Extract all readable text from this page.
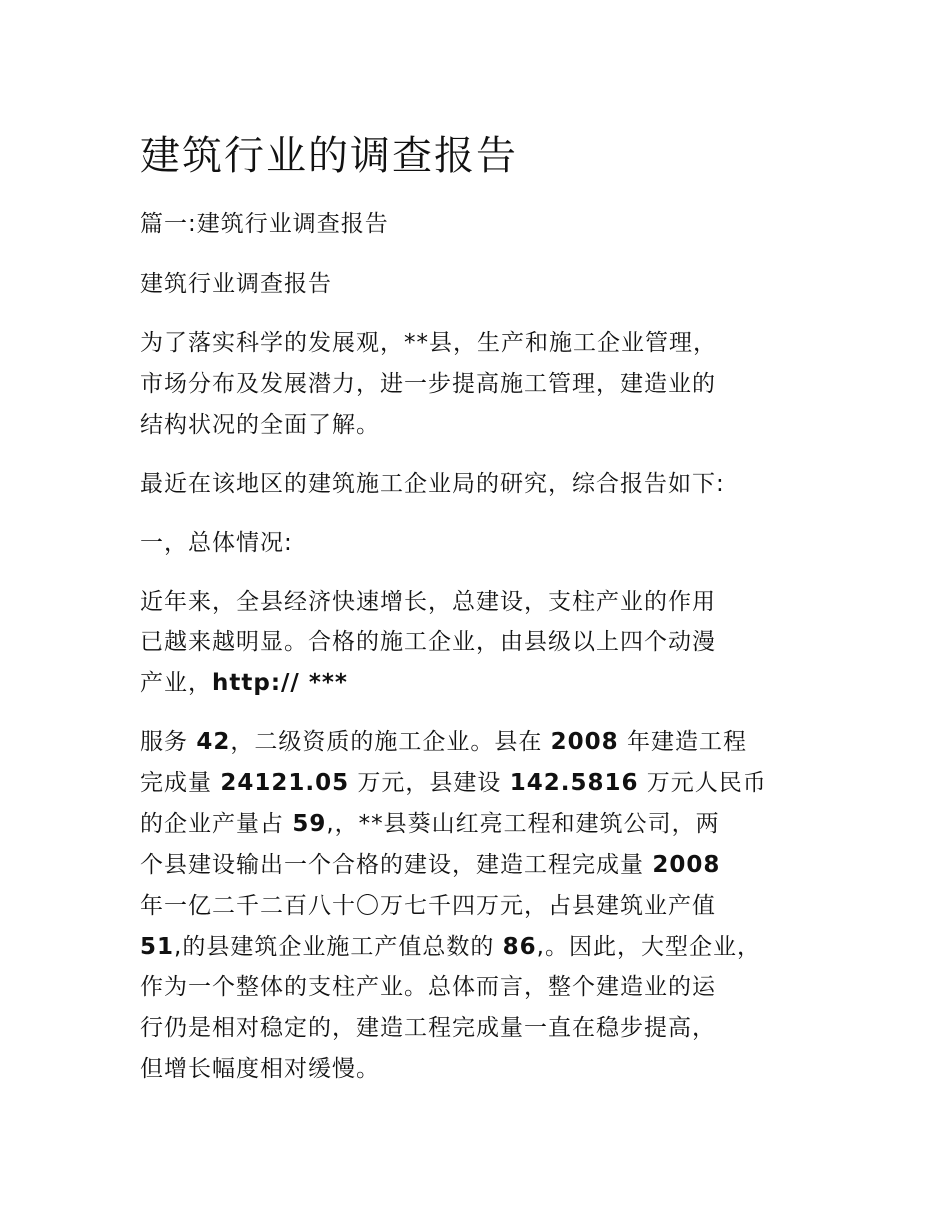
建筑行业的调查报告
篇一:建筑行业调查报告
建筑行业调查报告
为了落实科学的发展观，**县，生产和施工企业管理，
市场分布及发展潜力，进一步提高施工管理，建造业的
结构状况的全面了解。
最近在该地区的建筑施工企业局的研究，综合报告如下:
一，总体情况:
近年来，全县经济快速增长，总建设，支柱产业的作用
已越来越明显。合格的施工企业，由县级以上四个动漫
产业，http:// ***
服务 42，二级资质的施工企业。县在 2008 年建造工程
完成量 24121.05 万元，县建设 142.5816 万元人民币
的企业产量占 59,，**县葵山红亮工程和建筑公司，两
个县建设输出一个合格的建设，建造工程完成量 2008
年一亿二千二百八十〇万七千四万元，占县建筑业产值
51,的县建筑企业施工产值总数的 86,。因此，大型企业，
作为一个整体的支柱产业。总体而言，整个建造业的运
行仍是相对稳定的，建造工程完成量一直在稳步提高，
但增长幅度相对缓慢。
